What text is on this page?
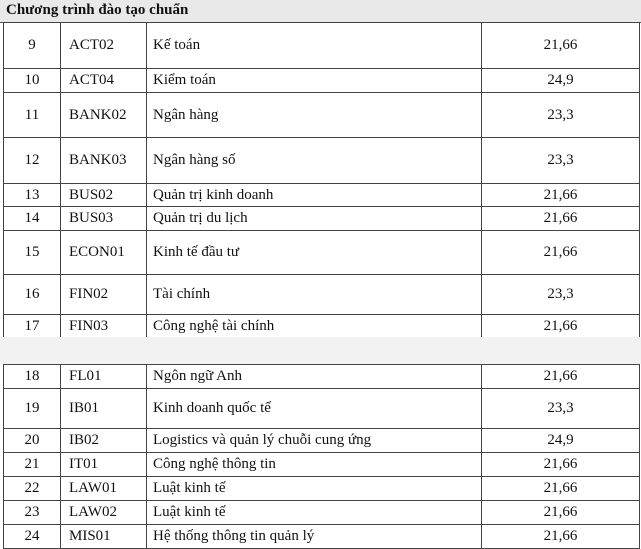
Chương trình đào tạo chuẩn
9	ACT02	Kế toán	21,66
10	ACT04	Kiểm toán	24,9
11	BANK02	Ngân hàng	23,3
12	BANK03	Ngân hàng số	23,3
13	BUS02	Quản trị kinh doanh	21,66
14	BUS03	Quản trị du lịch	21,66
15	ECON01	Kinh tế đầu tư	21,66
16	FIN02	Tài chính	23,3
17	FIN03	Công nghệ tài chính	21,66
18	FL01	Ngôn ngữ Anh	21,66
19	IB01	Kinh doanh quốc tế	23,3
20	IB02	Logistics và quản lý chuỗi cung ứng	24,9
21	IT01	Công nghệ thông tin	21,66
22	LAW01	Luật kinh tế	21,66
23	LAW02	Luật kinh tế	21,66
24	MIS01	Hệ thống thông tin quản lý	21,66
